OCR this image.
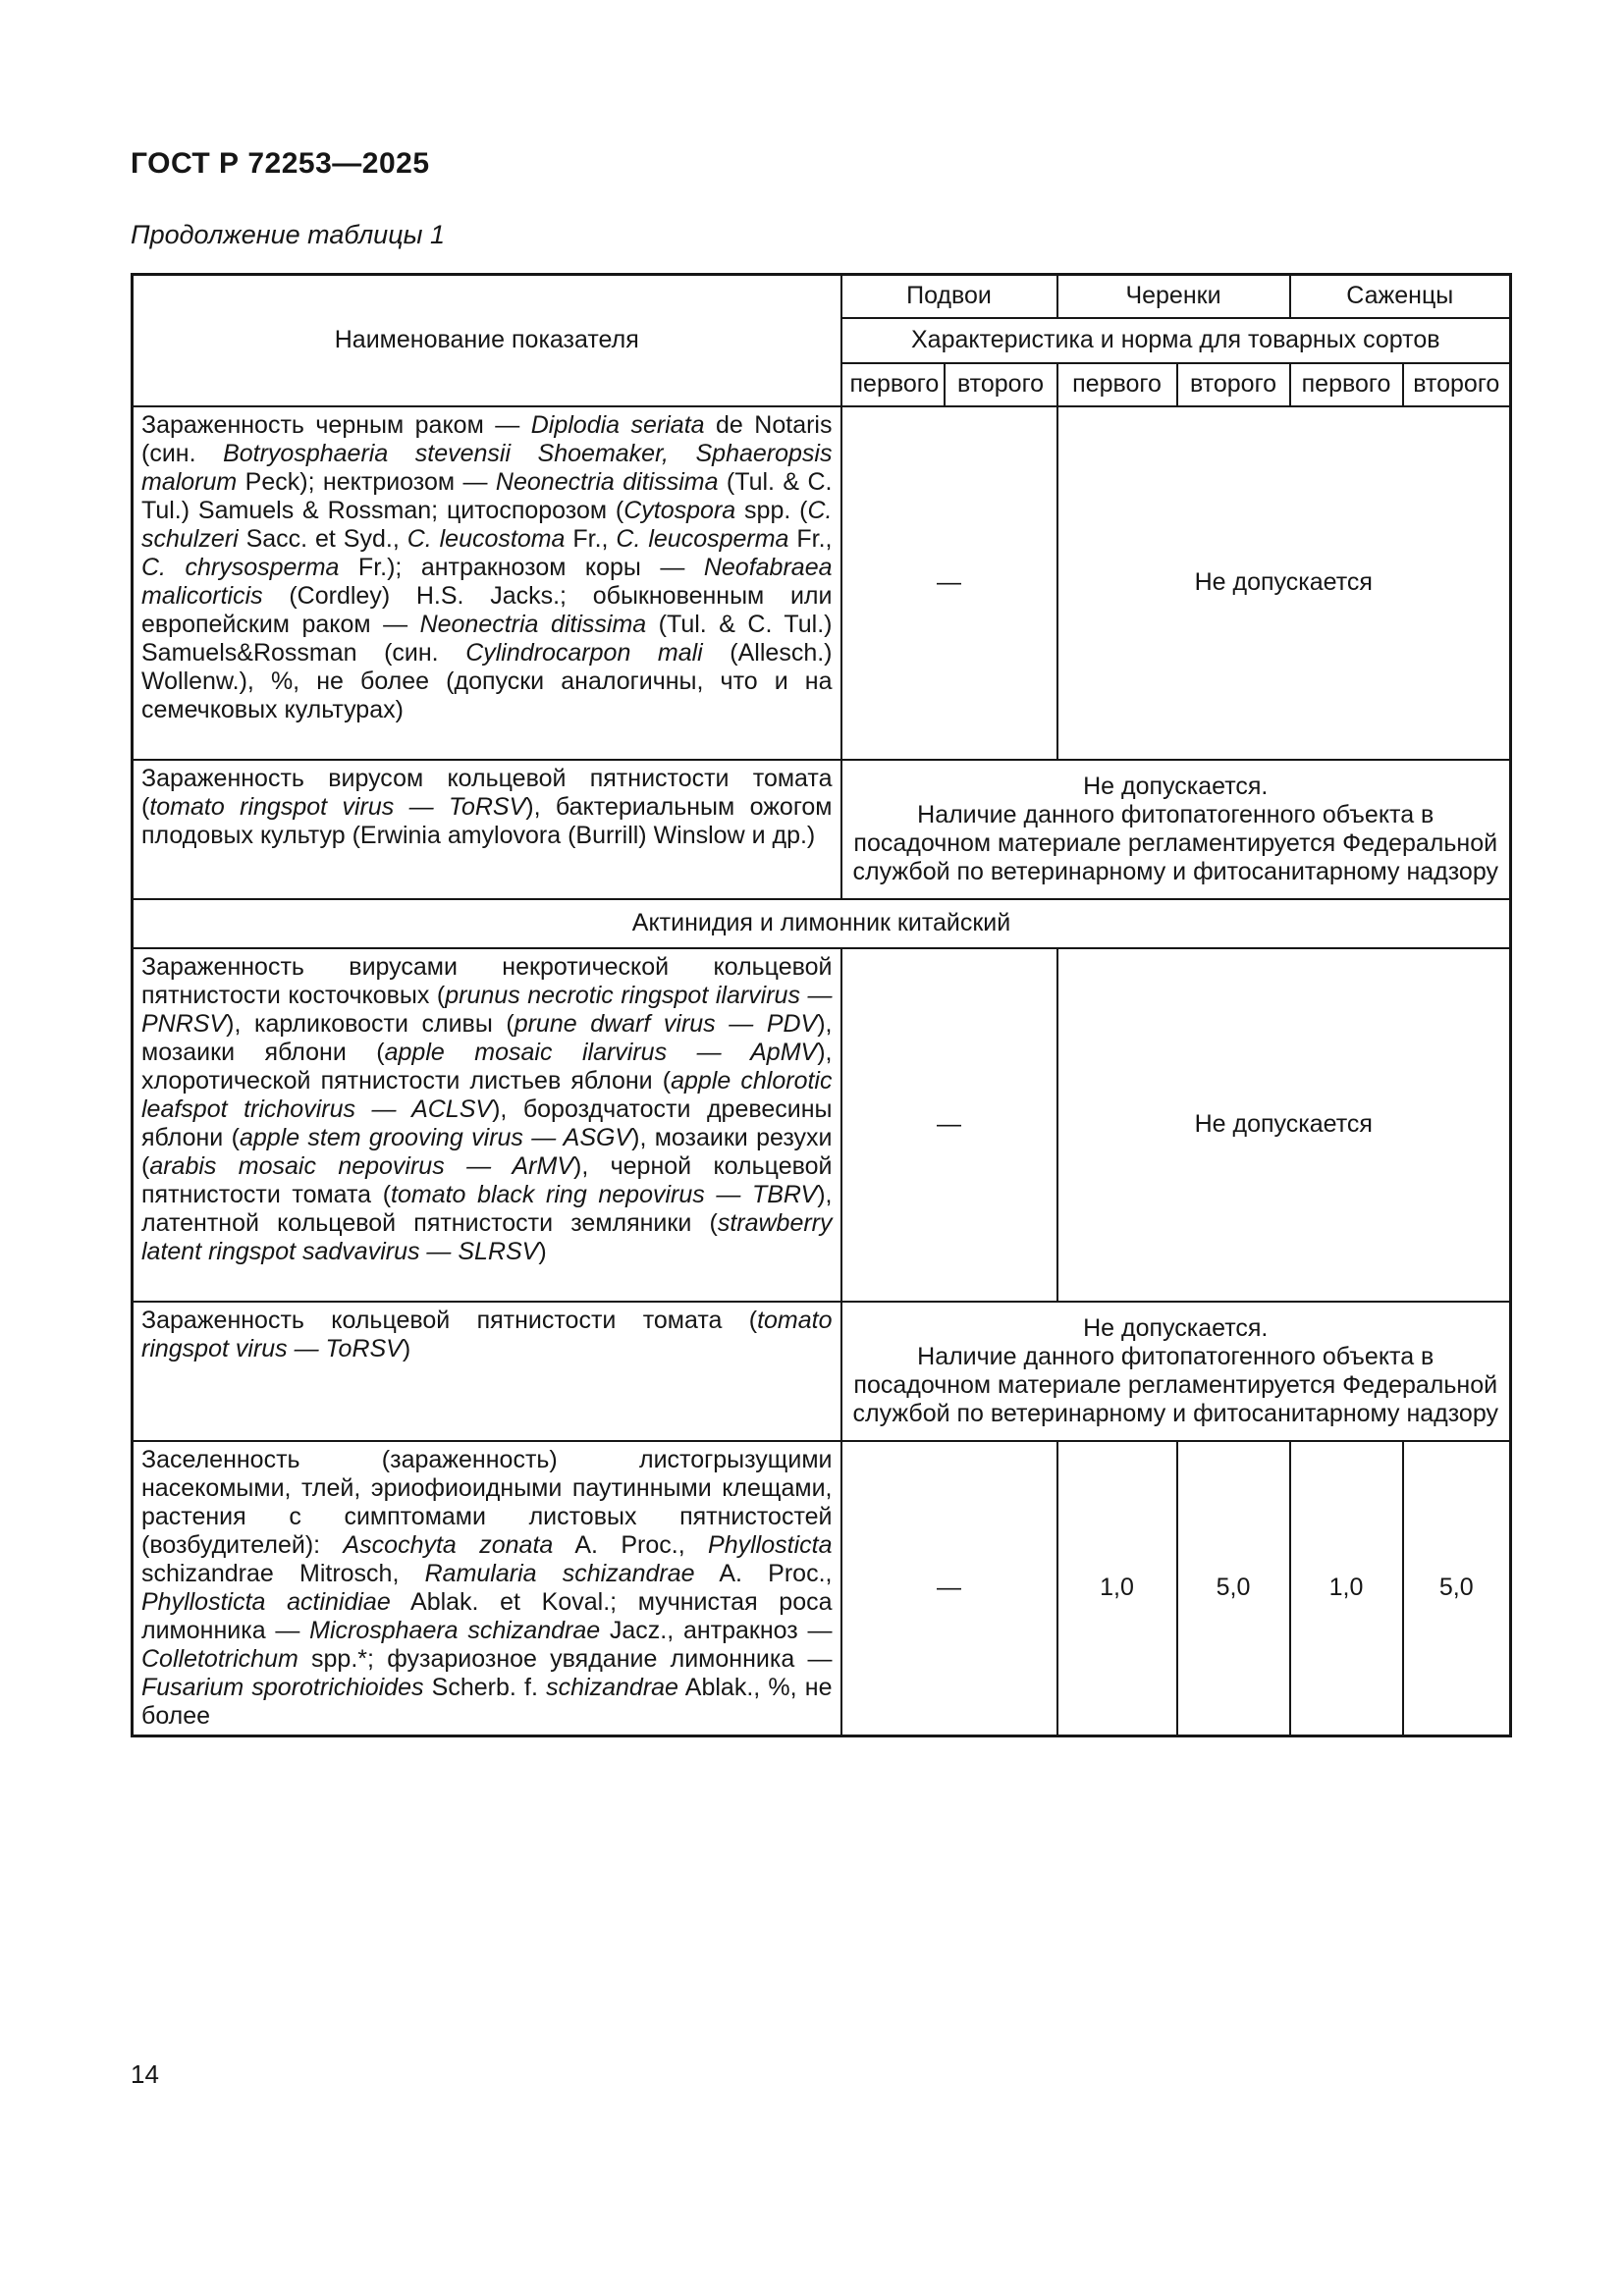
ГОСТ Р 72253—2025
Продолжение таблицы 1
Наименование показателя	Подвои		Черенки		Саженцы	
	Характеристика и норма для товарных сортов					
	первого	второго	первого	второго	первого	второго
Зараженность черным раком — Diplodia seriata de Notaris (син. Botryosphaeria stevensii Shoemaker, Sphaeropsis malorum Peck); нектриозом — Neonectria ditissima (Tul. & C. Tul.) Samuels & Rossman; цитоспорозом (Cytospora spp. (C. schulzeri Sacc. et Syd., C. leucostoma Fr., C. leucosperma Fr., C. chrysosperma Fr.); антракнозом коры — Neofabraea malicorticis (Cordley) H.S. Jacks.; обыкновенным или европейским раком — Neonectria ditissima (Tul. & C. Tul.) Samuels&Rossman (син. Cylindrocarpon mali (Allesch.) Wollenw.), %, не более (допуски аналогичны, что и на семечковых культурах)	—		Не допускается			
Зараженность вирусом кольцевой пятнистости томата (tomato ringspot virus — ToRSV), бактериальным ожогом плодовых культур (Erwinia amylovora (Burrill) Winslow и др.)	Не допускается.
Наличие данного фитопатогенного объекта в посадочном материале регламентируется Федеральной службой по ветеринарному и фитосанитарному надзору					
Актинидия и лимонник китайский						
Зараженность вирусами некротической кольцевой пятнистости косточковых (prunus necrotic ringspot ilarvirus — PNRSV), карликовости сливы (prune dwarf virus — PDV), мозаики яблони (apple mosaic ilarvirus — ApMV), хлоротической пятнистости листьев яблони (apple chlorotic leafspot trichovirus — ACLSV), бороздчатости древесины яблони (apple stem grooving virus — ASGV), мозаики резухи (arabis mosaic nepovirus — ArMV), черной кольцевой пятнистости томата (tomato black ring nepovirus — TBRV), латентной кольцевой пятнистости земляники (strawberry latent ringspot sadvavirus — SLRSV)	—		Не допускается			
Зараженность кольцевой пятнистости томата (tomato ringspot virus — ToRSV)	Не допускается.
Наличие данного фитопатогенного объекта в посадочном материале регламентируется Федеральной службой по ветеринарному и фитосанитарному надзору					
Заселенность (зараженность) листогрызущими насекомыми, тлей, эриофиоидными паутинными клещами, растения с симптомами листовых пятнистостей (возбудителей): Ascochyta zonata A. Proc., Phyllosticta schizandrae Mitrosch, Ramularia schizandrae A. Proc., Phyllosticta actinidiae Ablak. et Koval.; мучнистая роса лимонника — Microsphaera schizandrae Jacz., антракноз — Colletotrichum spp.*; фузариозное увядание лимонника — Fusarium sporotrichioides Scherb. f. schizandrae Ablak., %, не более	—		1,0	5,0	1,0	5,0
14
